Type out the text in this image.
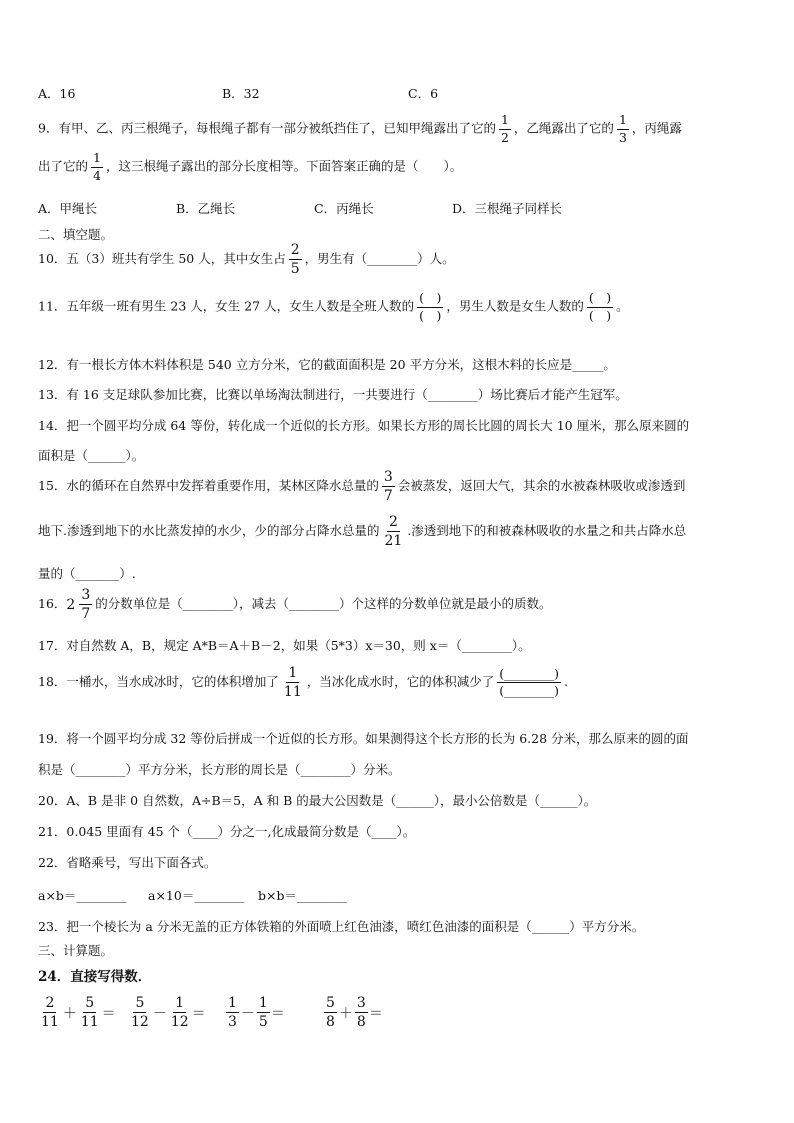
A．16	B．32	C．6
9．有甲、乙、丙三根绳子，每根绳子都有一部分被纸挡住了，已知甲绳露出了它的 $\frac{1}{2}$ ，乙绳露出了它的 $\frac{1}{3}$ ，丙绳露
出了它的 $\frac{1}{4}$ ，这三根绳子露出的部分长度相等。下面答案正确的是（　　）。
A．甲绳长	B．乙绳长	C．丙绳长	D．三根绳子同样长
二、填空题。
10．五（3）班共有学生 50 人，其中女生占 $\frac{2}{5}$ ，男生有（________）人。
11．五年级一班有男生 23 人，女生 27 人，女生人数是全班人数的
(　)
(　)
，男生人数是女生人数的
(　)
(　)
。
12．有一根长方体木料体积是 540 立方分米，它的截面面积是 20 平方分米，这根木料的长应是_____。
13．有 16 支足球队参加比赛，比赛以单场淘汰制进行，一共要进行（________）场比赛后才能产生冠军。
14．把一个圆平均分成 64 等份，转化成一个近似的长方形。如果长方形的周长比圆的周长大 10 厘米，那么原来圆的
面积是（______）。
15．水的循环在自然界中发挥着重要作用，某林区降水总量的 $\frac{3}{7}$ 会被蒸发，返回大气，其余的水被森林吸收或渗透到
地下.渗透到地下的水比蒸发掉的水少，少的部分占降水总量的 $\frac{2}{21}$ .渗透到地下的和被森林吸收的水量之和共占降水总
量的（_______）.
16． $2 \frac{3}{7}$ 的分数单位是（________），减去（________）个这样的分数单位就是最小的质数。
17．对自然数 A，B，规定 A*B＝A＋B－2，如果（5*3）x＝30，则 x＝（________）。
18．一桶水，当水成冰时，它的体积增加了 $\frac{1}{11}$ ，当冰化成水时，它的体积减少了
(________)
(________)
.
19．将一个圆平均分成 32 等份后拼成一个近似的长方形。如果测得这个长方形的长为 6.28 分米，那么原来的圆的面
积是（________）平方分米，长方形的周长是（________）分米。
20．A、B 是非 0 自然数，A÷B＝5，A 和 B 的最大公因数是（______），最小公倍数是（______）。
21．0.045 里面有 45 个（____）分之一,化成最简分数是（____）。
22．省略乘号，写出下面各式。
a×b＝________ a×10＝________ b×b＝________
23．把一个棱长为 a 分米无盖的正方体铁箱的外面喷上红色油漆，喷红色油漆的面积是（______）平方分米。
三、计算题。
24．直接写得数．
$\frac{2}{11} + \frac{5}{11} = \frac{5}{12} - \frac{1}{12} = \frac{1}{3} - \frac{1}{5}$ ＝	$\frac{5}{8} + \frac{3}{8}$ ＝
